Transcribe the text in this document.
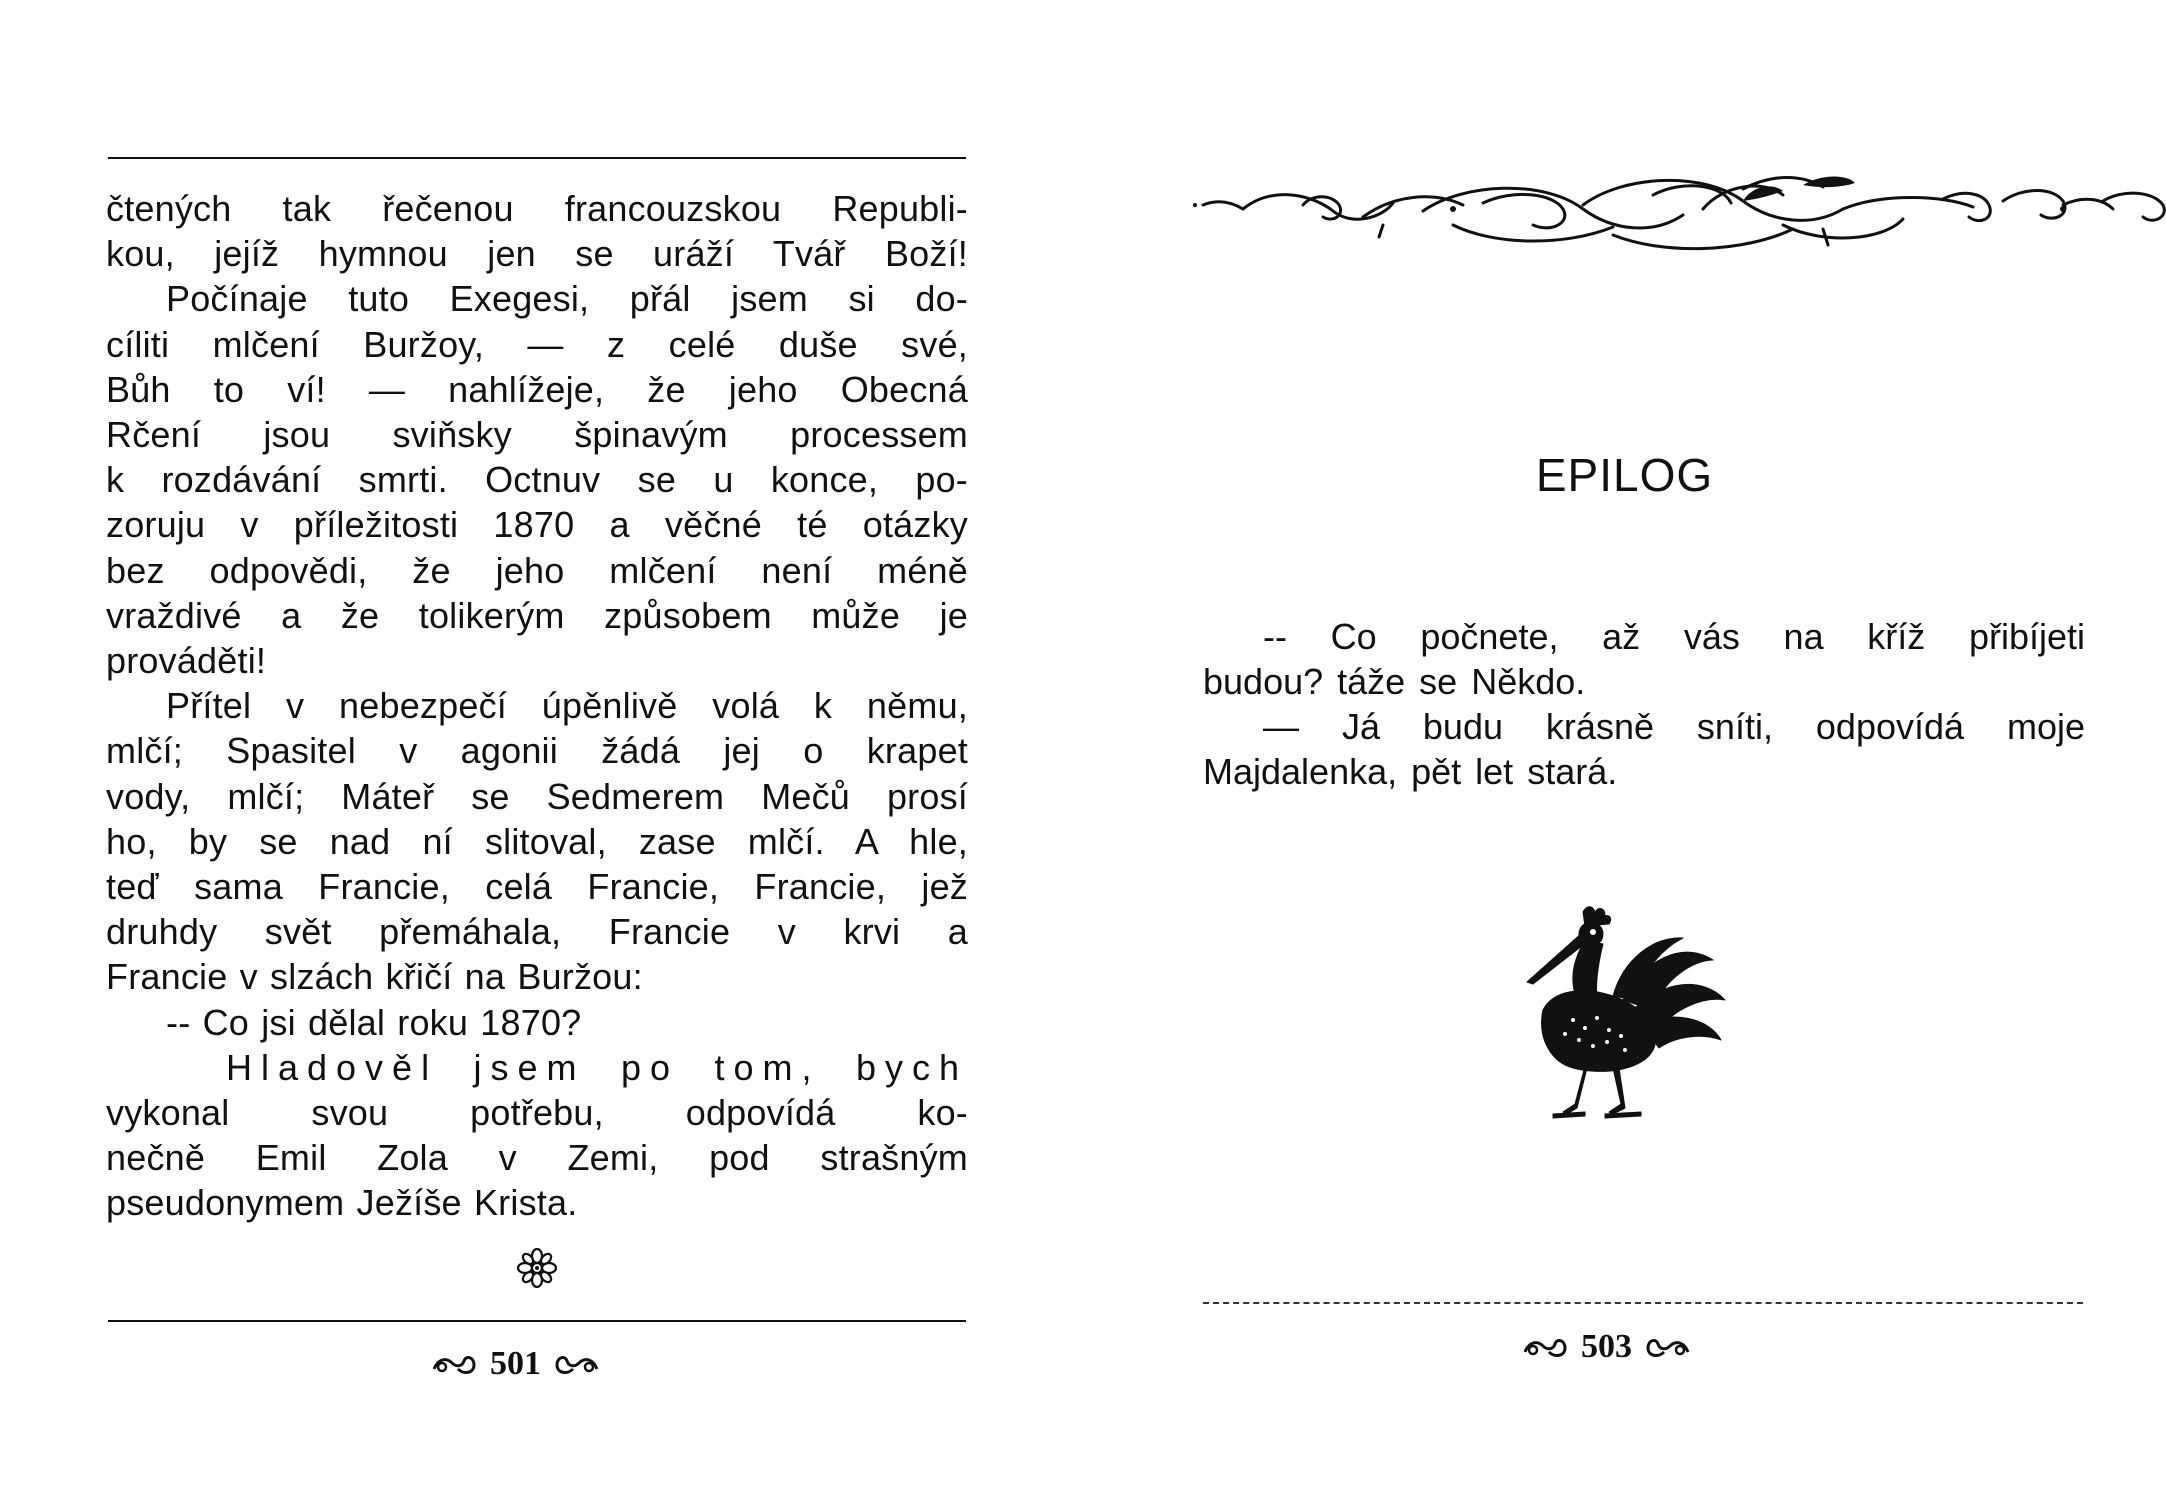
čtených tak řečenou francouzskou Republi-
kou, jejíž hymnou jen se uráží Tvář Boží!
Počínaje tuto Exegesi, přál jsem si do-
cíliti mlčení Buržoy, — z celé duše své,
Bůh to ví! — nahlížeje, že jeho Obecná
Rčení jsou sviňsky špinavým processem
k rozdávání smrti. Octnuv se u konce, po-
zoruju v příležitosti 1870 a věčné té otázky
bez odpovědi, že jeho mlčení není méně
vraždivé a že tolikerým způsobem může je
prováděti!
Přítel v nebezpečí úpěnlivě volá k němu,
mlčí; Spasitel v agonii žádá jej o krapet
vody, mlčí; Máteř se Sedmerem Mečů prosí
ho, by se nad ní slitoval, zase mlčí. A hle,
teď sama Francie, celá Francie, Francie, jež
druhdy svět přemáhala, Francie v krvi a
Francie v slzách křičí na Buržou:
-- Co jsi dělal roku 1870?
Hladověl jsem po tom, bych
vykonal svou potřebu, odpovídá ko-
nečně Emil Zola v Zemi, pod strašným
pseudonymem Ježíše Krista.
501
EPILOG
-- Co počnete, až vás na kříž přibíjeti
budou? táže se Někdo.
— Já budu krásně sníti, odpovídá moje
Majdalenka, pět let stará.
503
